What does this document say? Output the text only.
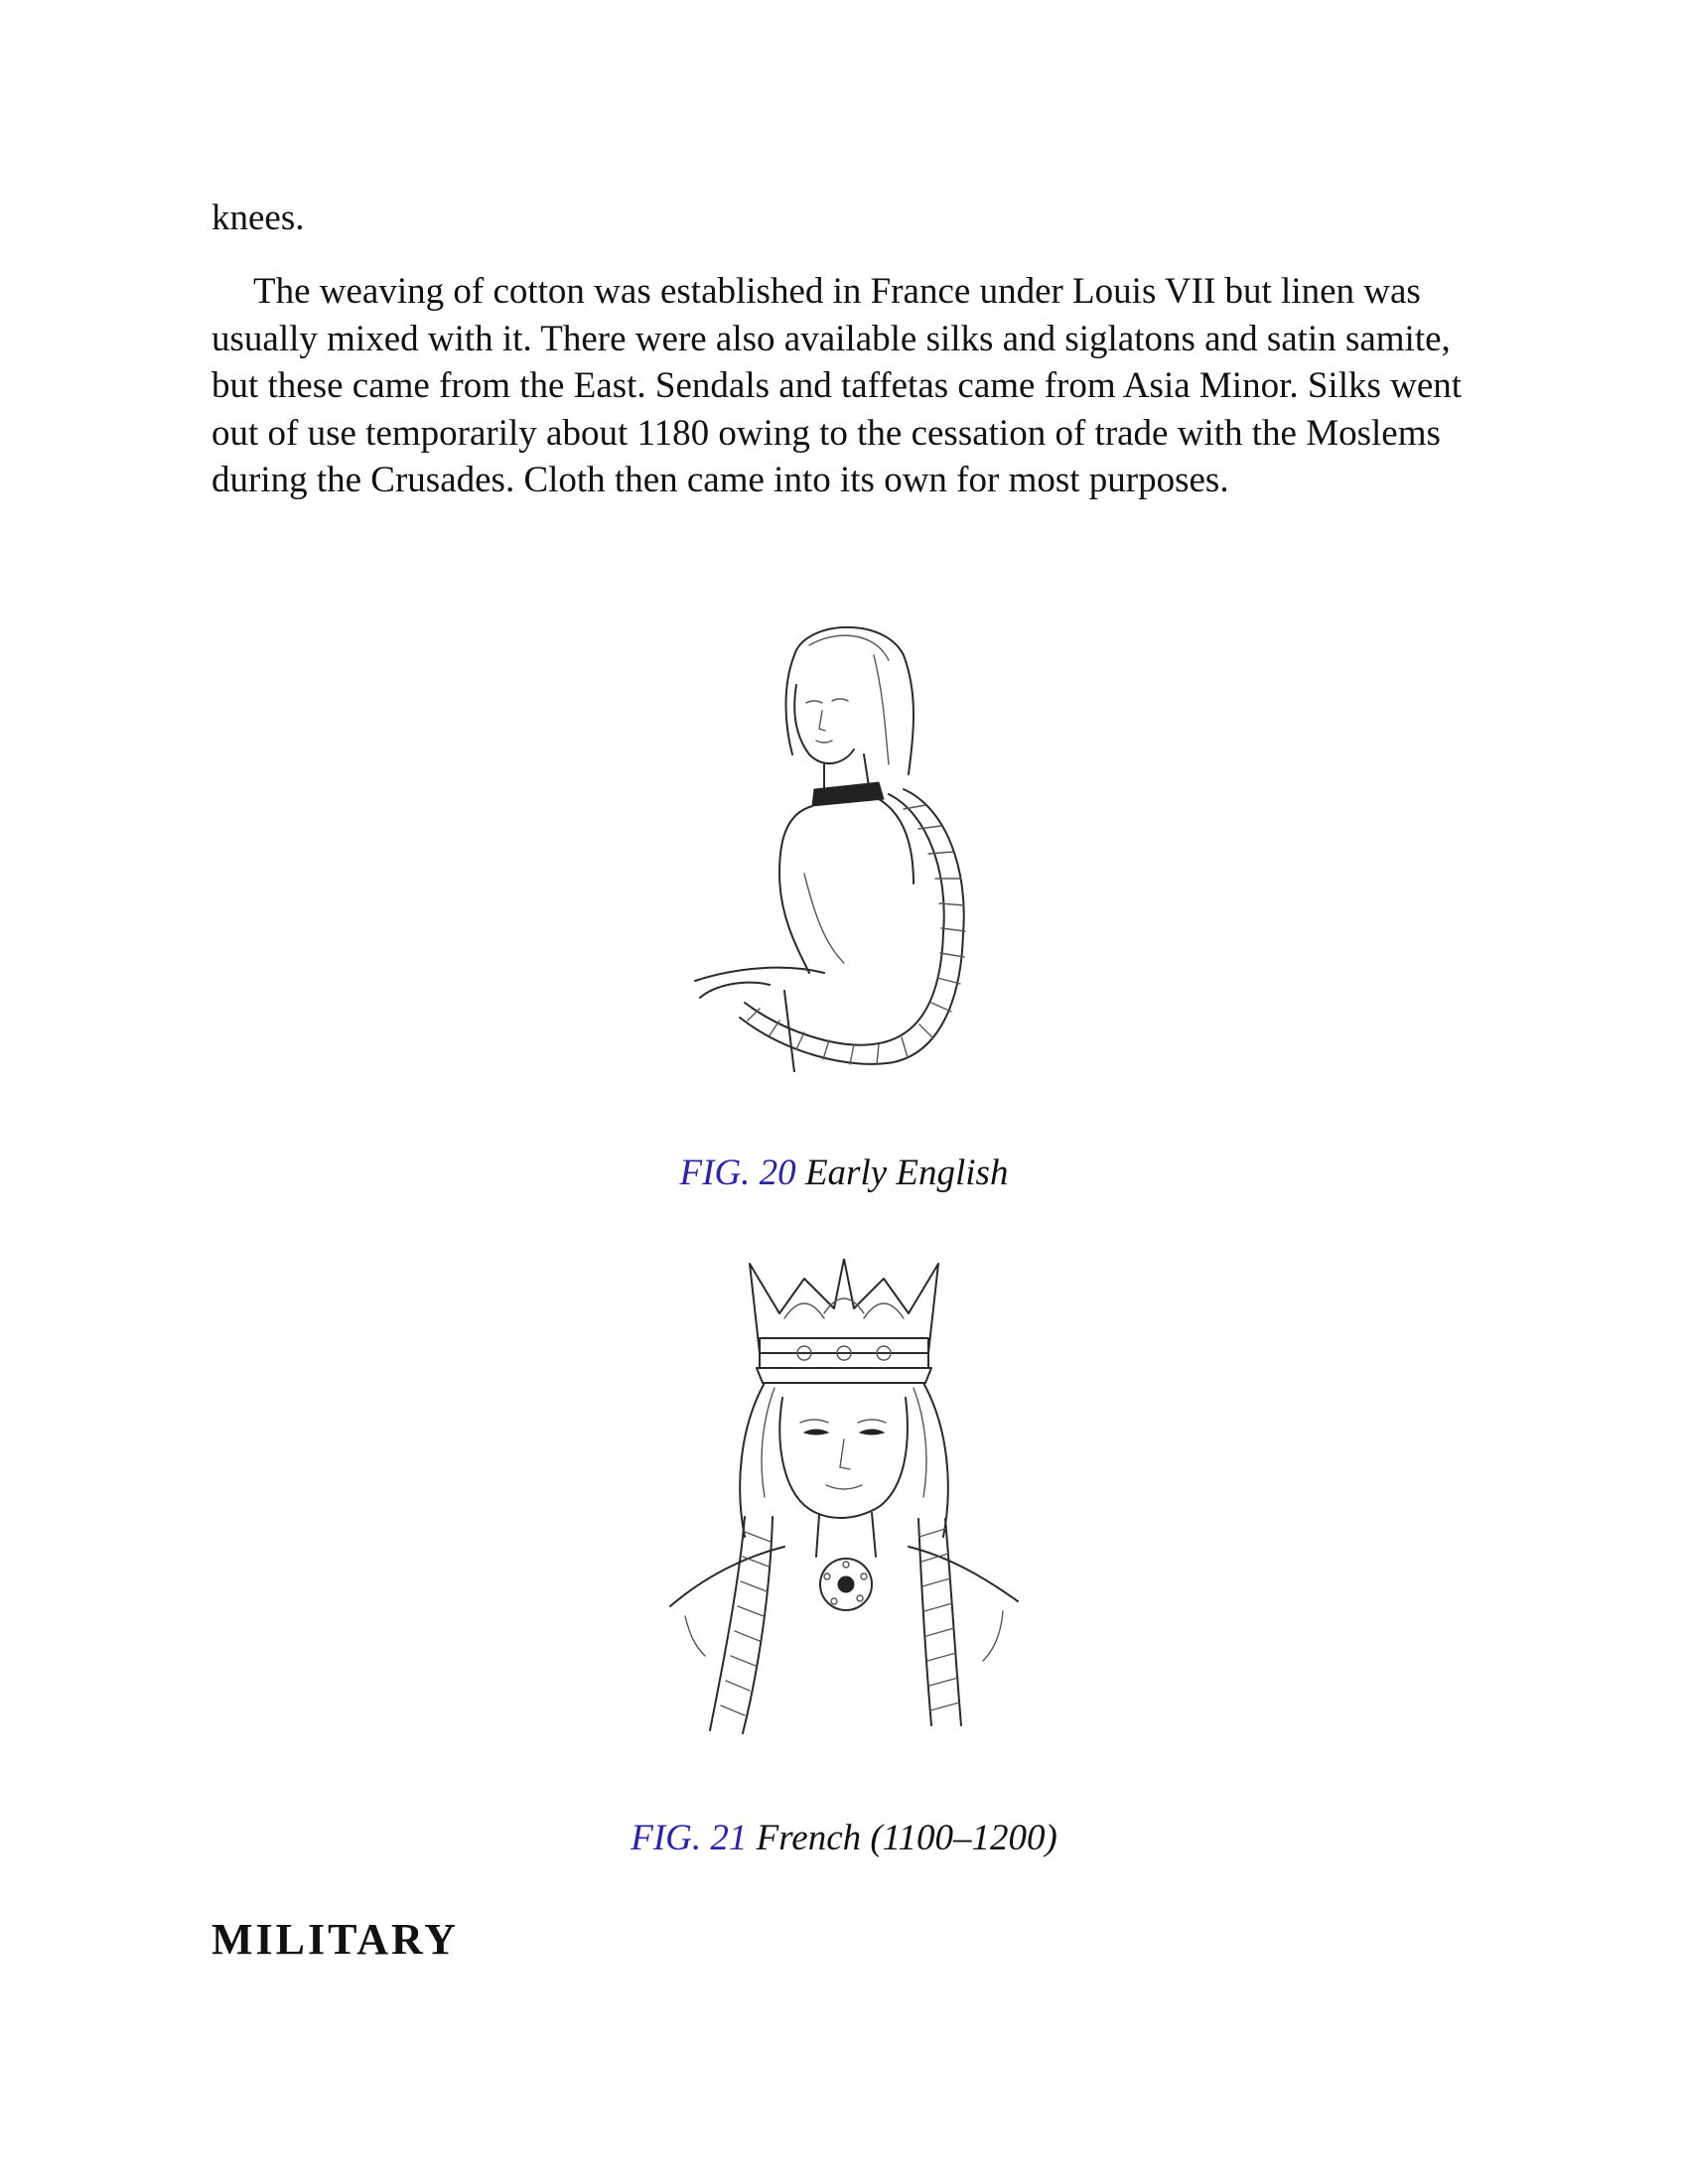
knees.

The weaving of cotton was established in France under Louis VII but linen was usually mixed with it. There were also available silks and siglatons and satin samite, but these came from the East. Sendals and taffetas came from Asia Minor. Silks went out of use temporarily about 1180 owing to the cessation of trade with the Moslems during the Crusades. Cloth then came into its own for most purposes.

FIG. 20 Early English
FIG. 21 French (1100–1200)
MILITARY
